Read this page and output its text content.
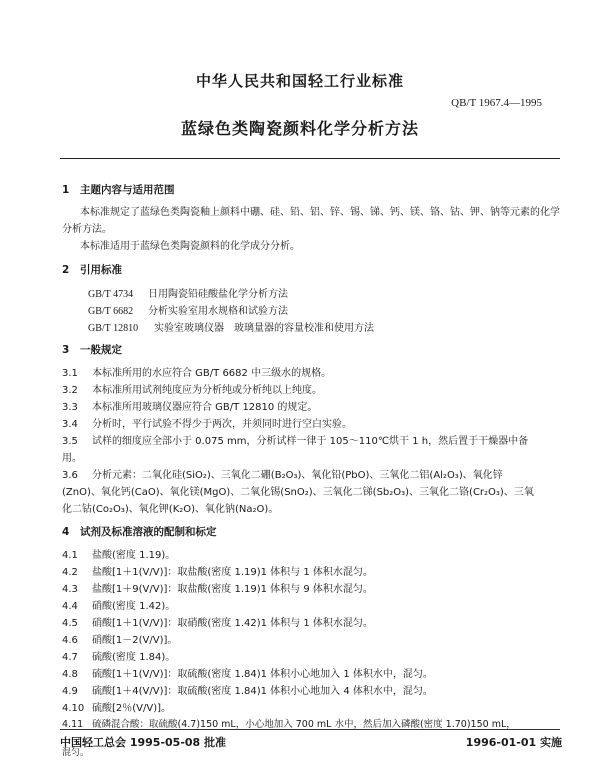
中华人民共和国轻工行业标准
QB/T 1967.4—1995
蓝绿色类陶瓷颜料化学分析方法
1 主题内容与适用范围
本标准规定了蓝绿色类陶瓷釉上颜料中硼、硅、铅、铝、锌、锡、锑、钙、镁、铬、钴、钾、钠等元素的化学
分析方法。
本标准适用于蓝绿色类陶瓷颜料的化学成分分析。
2 引用标准
GB/T 4734 日用陶瓷铅硅酸盐化学分析方法
GB/T 6682 分析实验室用水规格和试验方法
GB/T 12810 实验室玻璃仪器　玻璃量器的容量校准和使用方法
3 一般规定
3.1 本标准所用的水应符合 GB/T 6682 中三级水的规格。
3.2 本标准所用试剂纯度应为分析纯或分析纯以上纯度。
3.3 本标准所用玻璃仪器应符合 GB/T 12810 的规定。
3.4 分析时，平行试验不得少于两次，并须同时进行空白实验。
3.5 试样的细度应全部小于 0.075 mm，分析试样一律于 105～110℃烘干 1 h，然后置于干燥器中备
用。
3.6 分析元素：二氧化硅(SiO₂)、三氧化二硼(B₂O₃)、氧化铅(PbO)、三氧化二铝(Al₂O₃)、氧化锌
(ZnO)、氧化钙(CaO)、氧化镁(MgO)、二氧化锡(SnO₂)、三氧化二锑(Sb₂O₃)、三氧化二铬(Cr₂O₃)、三氧
化二钴(Co₂O₃)、氧化钾(K₂O)、氧化钠(Na₂O)。
4 试剂及标准溶液的配制和标定
4.1 盐酸(密度 1.19)。
4.2 盐酸[1＋1(V/V)]：取盐酸(密度 1.19)1 体积与 1 体积水混匀。
4.3 盐酸[1＋9(V/V)]：取盐酸(密度 1.19)1 体积与 9 体积水混匀。
4.4 硝酸(密度 1.42)。
4.5 硝酸[1＋1(V/V)]：取硝酸(密度 1.42)1 体积与 1 体积水混匀。
4.6 硝酸[1－2(V/V)]。
4.7 硫酸(密度 1.84)。
4.8 硫酸[1＋1(V/V)]：取硫酸(密度 1.84)1 体积小心地加入 1 体积水中，混匀。
4.9 硫酸[1＋4(V/V)]：取硫酸(密度 1.84)1 体积小心地加入 4 体积水中，混匀。
4.10 硫酸[2％(V/V)]。
4.11 硫磷混合酸：取硫酸(4.7)150 mL，小心地加入 700 mL 水中，然后加入磷酸(密度 1.70)150 mL，
中国轻工总会 1995-05-08 批准	1996-01-01 实施
混匀。
